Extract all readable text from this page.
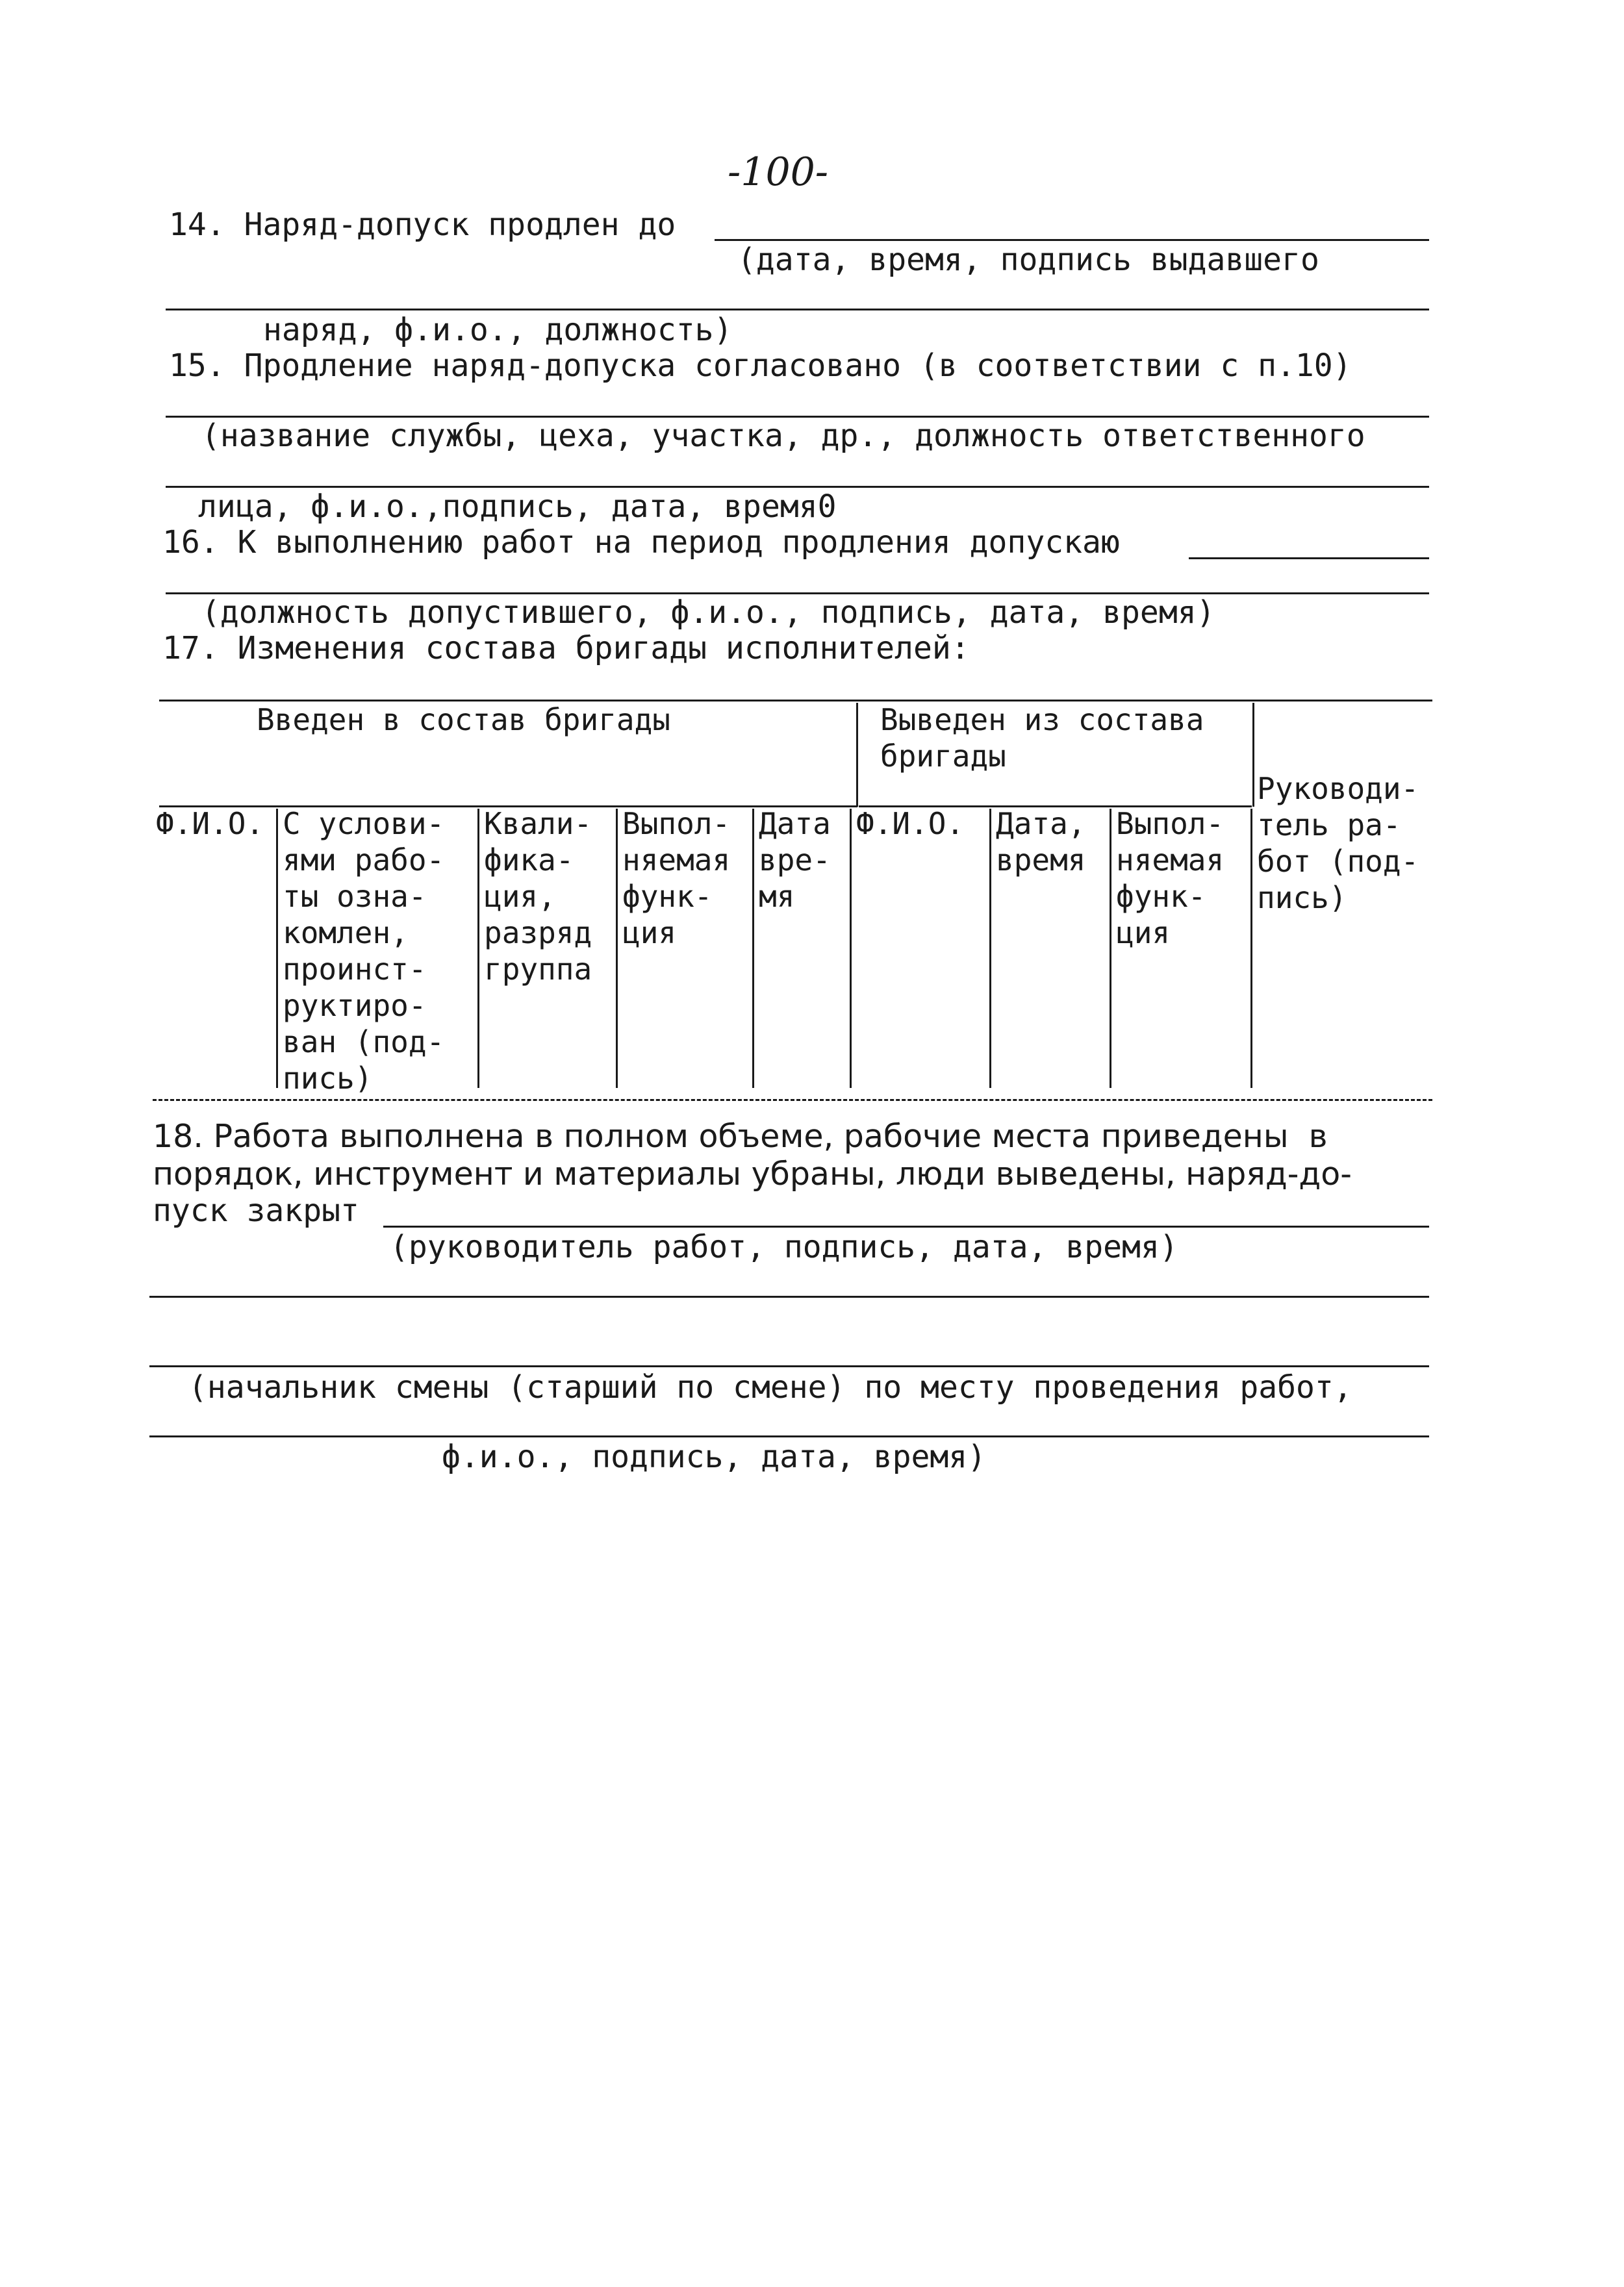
-100-
14. Наряд-допуск продлен до
(дата, время, подпись выдавшего
наряд, ф.и.о., должность)
15. Продление наряд-допуска согласовано (в соответствии с п.10)
(название службы, цеха, участка, др., должность ответственного
лица, ф.и.о.,подпись, дата, время0
16. К выполнению работ на период продления допускаю
(должность допустившего, ф.и.о., подпись, дата, время)
17. Изменения состава бригады исполнителей:
Введен в состав бригады	Выведен из состава
бригады
Ф.И.О. С услови-
ями рабо-
ты озна-
комлен,
проинст-
руктиро-
ван (под-
пись)
Квали-
фика-
ция,
разряд
группа
Выпол-
няемая
функ-
ция
Дата
вре-
мя
Ф.И.О. Дата,
время
Выпол-
няемая
функ-
ция
Руководи-
тель ра-
бот (под-
пись)
18. Работа выполнена в полном объеме, рабочие места приведены  в
порядок, инструмент и материалы убраны, люди выведены, наряд-до-
пуск закрыт
(руководитель работ, подпись, дата, время)
(начальник смены (старший по смене) по месту проведения работ,
ф.и.о., подпись, дата, время)
